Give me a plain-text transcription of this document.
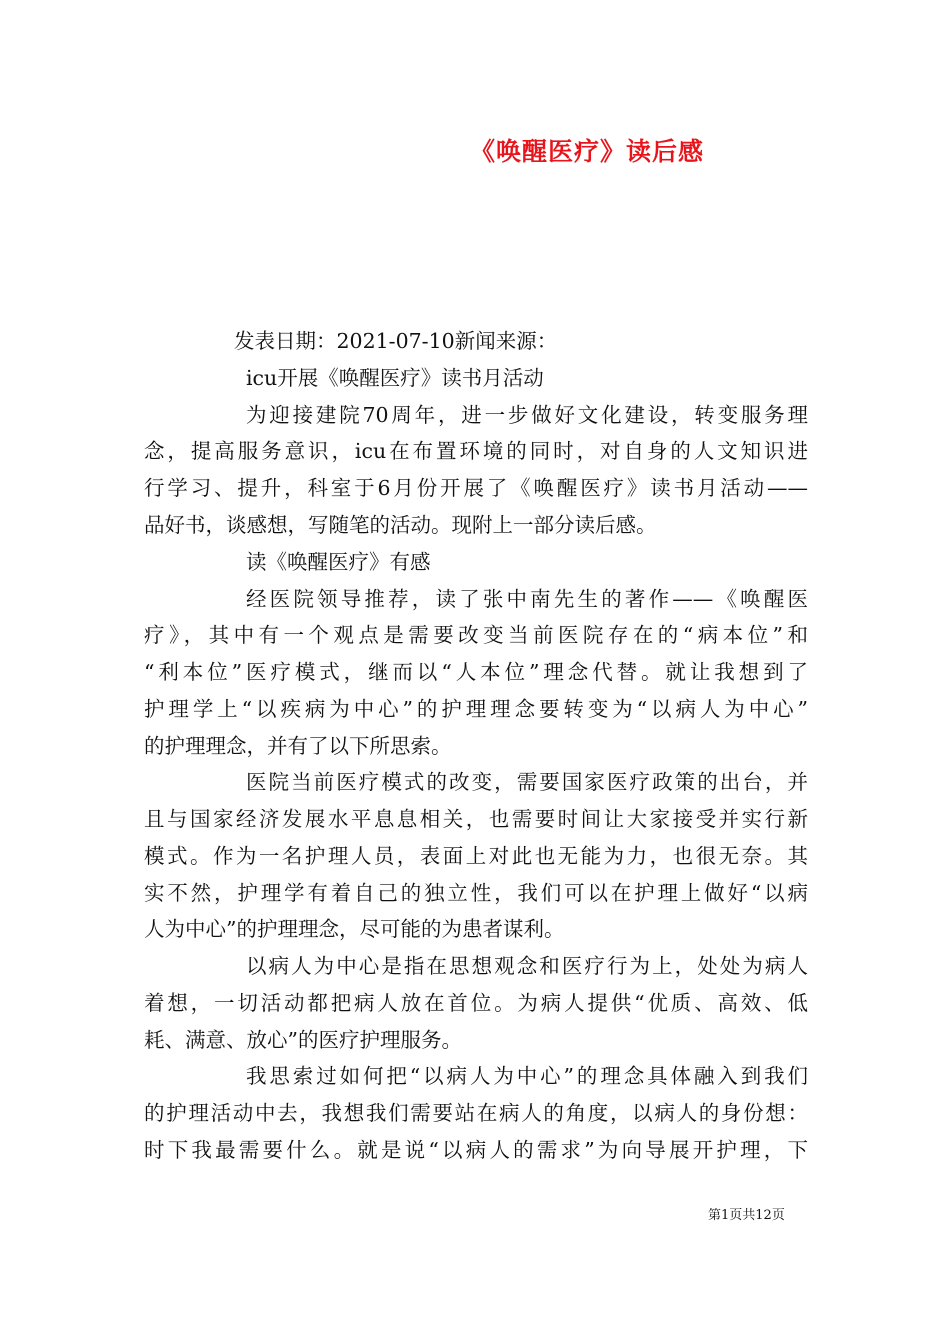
《唤醒医疗》读后感
发表日期：2021-07-10新闻来源：
icu开展《唤醒医疗》读书月活动
为迎接建院70周年，进一步做好文化建设，转变服务理
念，提高服务意识，icu在布置环境的同时，对自身的人文知识进
行学习、提升，科室于6月份开展了《唤醒医疗》读书月活动——
品好书，谈感想，写随笔的活动。现附上一部分读后感。
读《唤醒医疗》有感
经医院领导推荐，读了张中南先生的著作——《唤醒医
疗》，其中有一个观点是需要改变当前医院存在的“病本位”和
“利本位”医疗模式，继而以“人本位”理念代替。就让我想到了
护理学上“以疾病为中心”的护理理念要转变为“以病人为中心”
的护理理念，并有了以下所思索。
医院当前医疗模式的改变，需要国家医疗政策的出台，并
且与国家经济发展水平息息相关，也需要时间让大家接受并实行新
模式。作为一名护理人员，表面上对此也无能为力，也很无奈。其
实不然，护理学有着自己的独立性，我们可以在护理上做好“以病
人为中心”的护理理念，尽可能的为患者谋利。
以病人为中心是指在思想观念和医疗行为上，处处为病人
着想，一切活动都把病人放在首位。为病人提供“优质、高效、低
耗、满意、放心”的医疗护理服务。
我思索过如何把“以病人为中心”的理念具体融入到我们
的护理活动中去，我想我们需要站在病人的角度，以病人的身份想：
时下我最需要什么。就是说“以病人的需求”为向导展开护理，下
第1页共12页
